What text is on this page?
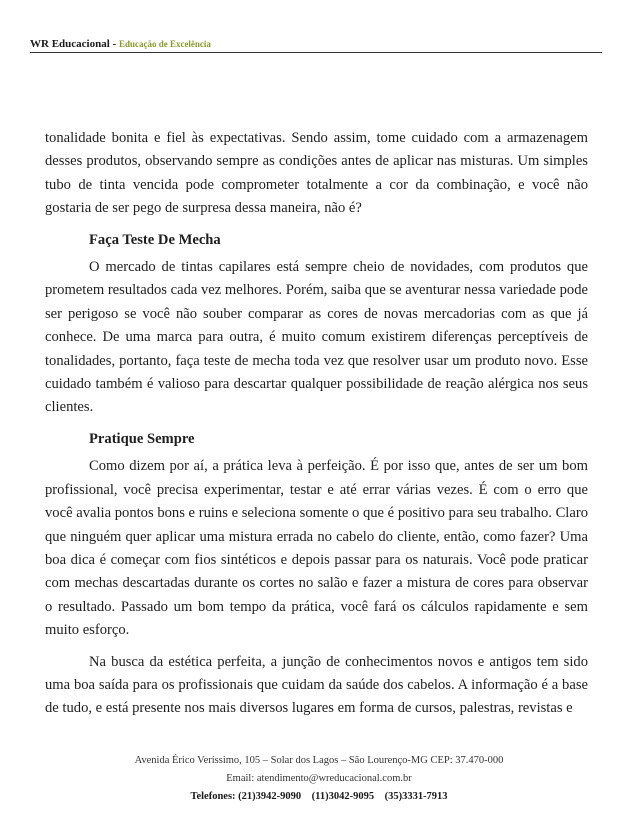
WR Educacional - Educação de Excelência

tonalidade bonita e fiel às expectativas. Sendo assim, tome cuidado com a armazenagem desses produtos, observando sempre as condições antes de aplicar nas misturas. Um simples tubo de tinta vencida pode comprometer totalmente a cor da combinação, e você não gostaria de ser pego de surpresa dessa maneira, não é?

Faça Teste De Mecha

O mercado de tintas capilares está sempre cheio de novidades, com produtos que prometem resultados cada vez melhores. Porém, saiba que se aventurar nessa variedade pode ser perigoso se você não souber comparar as cores de novas mercadorias com as que já conhece. De uma marca para outra, é muito comum existirem diferenças perceptíveis de tonalidades, portanto, faça teste de mecha toda vez que resolver usar um produto novo. Esse cuidado também é valioso para descartar qualquer possibilidade de reação alérgica nos seus clientes.

Pratique Sempre

Como dizem por aí, a prática leva à perfeição. É por isso que, antes de ser um bom profissional, você precisa experimentar, testar e até errar várias vezes. É com o erro que você avalia pontos bons e ruins e seleciona somente o que é positivo para seu trabalho. Claro que ninguém quer aplicar uma mistura errada no cabelo do cliente, então, como fazer? Uma boa dica é começar com fios sintéticos e depois passar para os naturais. Você pode praticar com mechas descartadas durante os cortes no salão e fazer a mistura de cores para observar o resultado. Passado um bom tempo da prática, você fará os cálculos rapidamente e sem muito esforço.

Na busca da estética perfeita, a junção de conhecimentos novos e antigos tem sido uma boa saída para os profissionais que cuidam da saúde dos cabelos. A informação é a base de tudo, e está presente nos mais diversos lugares em forma de cursos, palestras, revistas e

Avenida Érico Veríssimo, 105 – Solar dos Lagos – São Lourenço-MG CEP: 37.470-000
Email: atendimento@wreducacional.com.br
Telefones: (21)3942-9090    (11)3042-9095    (35)3331-7913
